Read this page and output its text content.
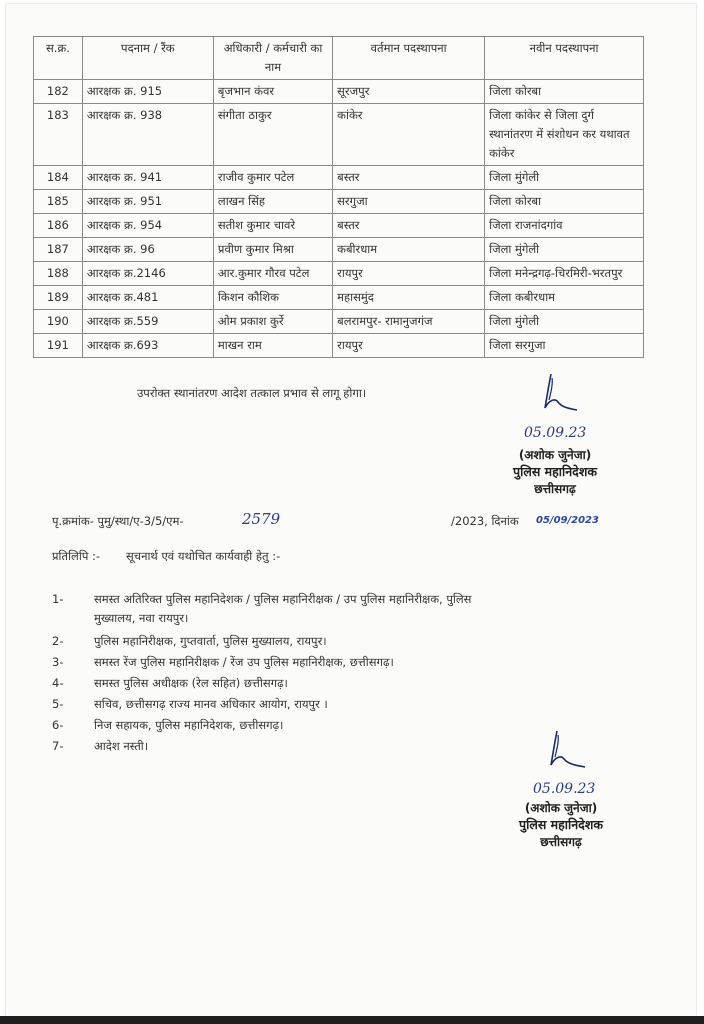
स.क्र.	पदनाम / रैंक	अधिकारी / कर्मचारी का नाम	वर्तमान पदस्थापना	नवीन पदस्थापना
182	आरक्षक क्र. 915	बृजभान कंवर	सूरजपुर	जिला कोरबा
183	आरक्षक क्र. 938	संगीता ठाकुर	कांकेर	जिला कांकेर से जिला दुर्ग स्थानांतरण में संशोधन कर यथावत कांकेर
184	आरक्षक क्र. 941	राजीव कुमार पटेल	बस्तर	जिला मुंगेली
185	आरक्षक क्र. 951	लाखन सिंह	सरगुजा	जिला कोरबा
186	आरक्षक क्र. 954	सतीश कुमार चावरे	बस्तर	जिला राजनांदगांव
187	आरक्षक क्र. 96	प्रवीण कुमार मिश्रा	कबीरधाम	जिला मुंगेली
188	आरक्षक क्र.2146	आर.कुमार गौरव पटेल	रायपुर	जिला मनेन्द्रगढ़-चिरमिरी-भरतपुर
189	आरक्षक क्र.481	किशन कौशिक	महासमुंद	जिला कबीरधाम
190	आरक्षक क्र.559	ओम प्रकाश कुर्रे	बलरामपुर- रामानुजगंज	जिला मुंगेली
191	आरक्षक क्र.693	माखन राम	रायपुर	जिला सरगुजा
उपरोक्त स्थानांतरण आदेश तत्काल प्रभाव से लागू होगा।
05.09.23
(अशोक जुनेजा)
पुलिस महानिदेशक
छत्तीसगढ़
पृ.क्रमांक- पुमु/स्था/ए-3/5/एम-	2579	/2023, दिनांक 05/09/2023
प्रतिलिपि :- सूचनार्थ एवं यथोचित कार्यवाही हेतु :-
1-	समस्त अतिरिक्त पुलिस महानिदेशक / पुलिस महानिरीक्षक / उप पुलिस महानिरीक्षक, पुलिस
मुख्यालय, नवा रायपुर।
2-	पुलिस महानिरीक्षक, गुप्तवार्ता, पुलिस मुख्यालय, रायपुर।
3-	समस्त रेंज पुलिस महानिरीक्षक / रेंज उप पुलिस महानिरीक्षक, छत्तीसगढ़।
4-	समस्त पुलिस अधीक्षक (रेल सहित) छत्तीसगढ़।
5-	सचिव, छत्तीसगढ़ राज्य मानव अधिकार आयोग, रायपुर ।
6-	निज सहायक, पुलिस महानिदेशक, छत्तीसगढ़।
7-	आदेश नस्ती।
05.09.23
(अशोक जुनेजा)
पुलिस महानिदेशक
छत्तीसगढ़
